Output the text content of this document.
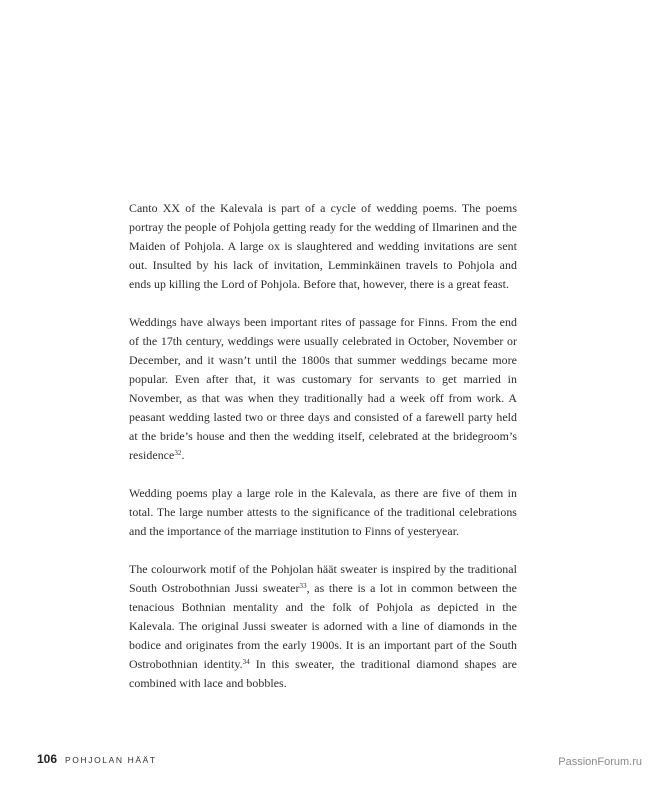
Canto XX of the Kalevala is part of a cycle of wedding poems. The poems portray the people of Pohjola getting ready for the wedding of Ilmarinen and the Maiden of Pohjola. A large ox is slaughtered and wedding invitations are sent out. Insulted by his lack of invitation, Lemminkäinen travels to Pohjola and ends up killing the Lord of Pohjola. Before that, however, there is a great feast.

Weddings have always been important rites of passage for Finns. From the end of the 17th century, weddings were usually celebrated in October, November or December, and it wasn’t until the 1800s that summer weddings became more popular. Even after that, it was customary for servants to get married in November, as that was when they traditionally had a week off from work. A peasant wedding lasted two or three days and consisted of a farewell party held at the bride’s house and then the wedding itself, celebrated at the bridegroom’s residence$^{32}$.

Wedding poems play a large role in the Kalevala, as there are five of them in total. The large number attests to the significance of the traditional celebrations and the importance of the marriage institution to Finns of yesteryear.

The colourwork motif of the Pohjolan häät sweater is inspired by the traditional South Ostrobothnian Jussi sweater$^{33}$, as there is a lot in common between the tenacious Bothnian mentality and the folk of Pohjola as depicted in the Kalevala. The original Jussi sweater is adorned with a line of diamonds in the bodice and originates from the early 1900s. It is an important part of the South Ostrobothnian identity.$^{34}$ In this sweater, the traditional diamond shapes are combined with lace and bobbles.

106 POHJOLAN HÄÄT	PassionForum.ru
